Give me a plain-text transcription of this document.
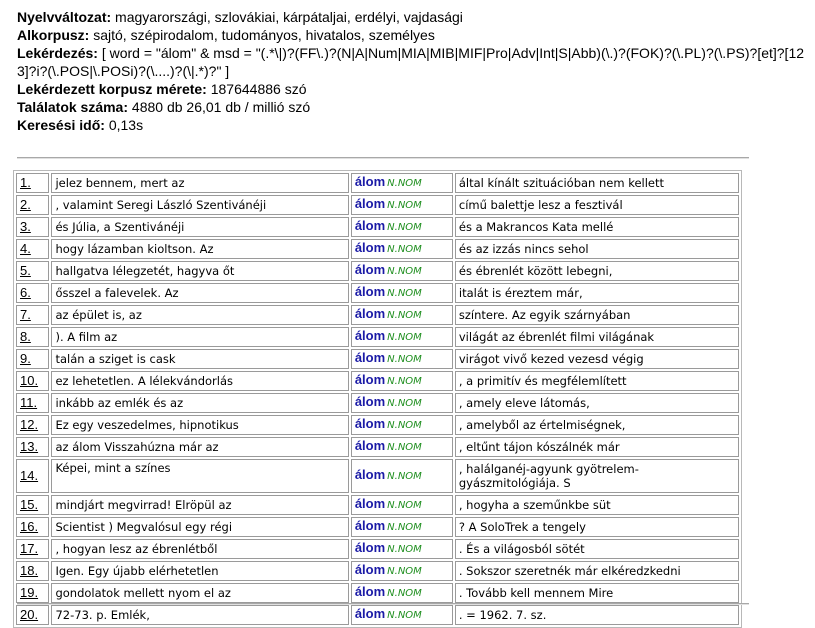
Nyelvváltozat: magyarországi, szlovákiai, kárpátaljai, erdélyi, vajdasági
Alkorpusz: sajtó, szépirodalom, tudományos, hivatalos, személyes
Lekérdezés: [ word = "álom" & msd = "(.*\|)?(FF\.)?(N|A|Num|MIA|MIB|MIF|Pro|Adv|Int|S|Abb)(\.)?(FOK)?(\.PL)?(\.PS)?[et]?[123]?i?(\.POS|\.POSi)?(\....)?(\|.*)?" ]
Lekérdezett korpusz mérete: 187644886 szó
Találatok száma: 4880 db 26,01 db / millió szó
Keresési idő: 0,13s
1.	jelez bennem, mert az	álom N.NOM	által kínált szituációban nem kellett
2.	, valamint Seregi László Szentivánéji	álom N.NOM	című balettje lesz a fesztivál
3.	és Júlia, a Szentivánéji	álom N.NOM	és a Makrancos Kata mellé
4.	hogy lázamban kioltson. Az	álom N.NOM	és az izzás nincs sehol
5.	hallgatva lélegzetét, hagyva őt	álom N.NOM	és ébrenlét között lebegni,
6.	ősszel a falevelek. Az	álom N.NOM	italát is éreztem már,
7.	az épület is, az	álom N.NOM	színtere. Az egyik szárnyában
8.	). A film az	álom N.NOM	világát az ébrenlét filmi világának
9.	talán a sziget is cask	álom N.NOM	virágot vivő kezed vezesd végig
10.	ez lehetetlen. A lélekvándorlás	álom N.NOM	, a primitív és megfélemlített
11.	inkább az emlék és az	álom N.NOM	, amely eleve látomás,
12.	Ez egy veszedelmes, hipnotikus	álom N.NOM	, amelyből az értelmiségnek,
13.	az álom Visszahúzna már az	álom N.NOM	, eltűnt tájon kószálnék már
14.	Képei, mint a színes	álom N.NOM	, halálganéj-agyunk gyötrelem-gyászmitológiája. S
15.	mindjárt megvirrad! Elröpül az	álom N.NOM	, hogyha a szeműnkbe süt
16.	Scientist ) Megvalósul egy régi	álom N.NOM	? A SoloTrek a tengely
17.	, hogyan lesz az ébrenlétből	álom N.NOM	. És a világosból sötét
18.	Igen. Egy újabb elérhetetlen	álom N.NOM	. Sokszor szeretnék már elkéredzkedni
19.	gondolatok mellett nyom el az	álom N.NOM	. Tovább kell mennem Mire
20.	72-73. p. Emlék,	álom N.NOM	. = 1962. 7. sz.
